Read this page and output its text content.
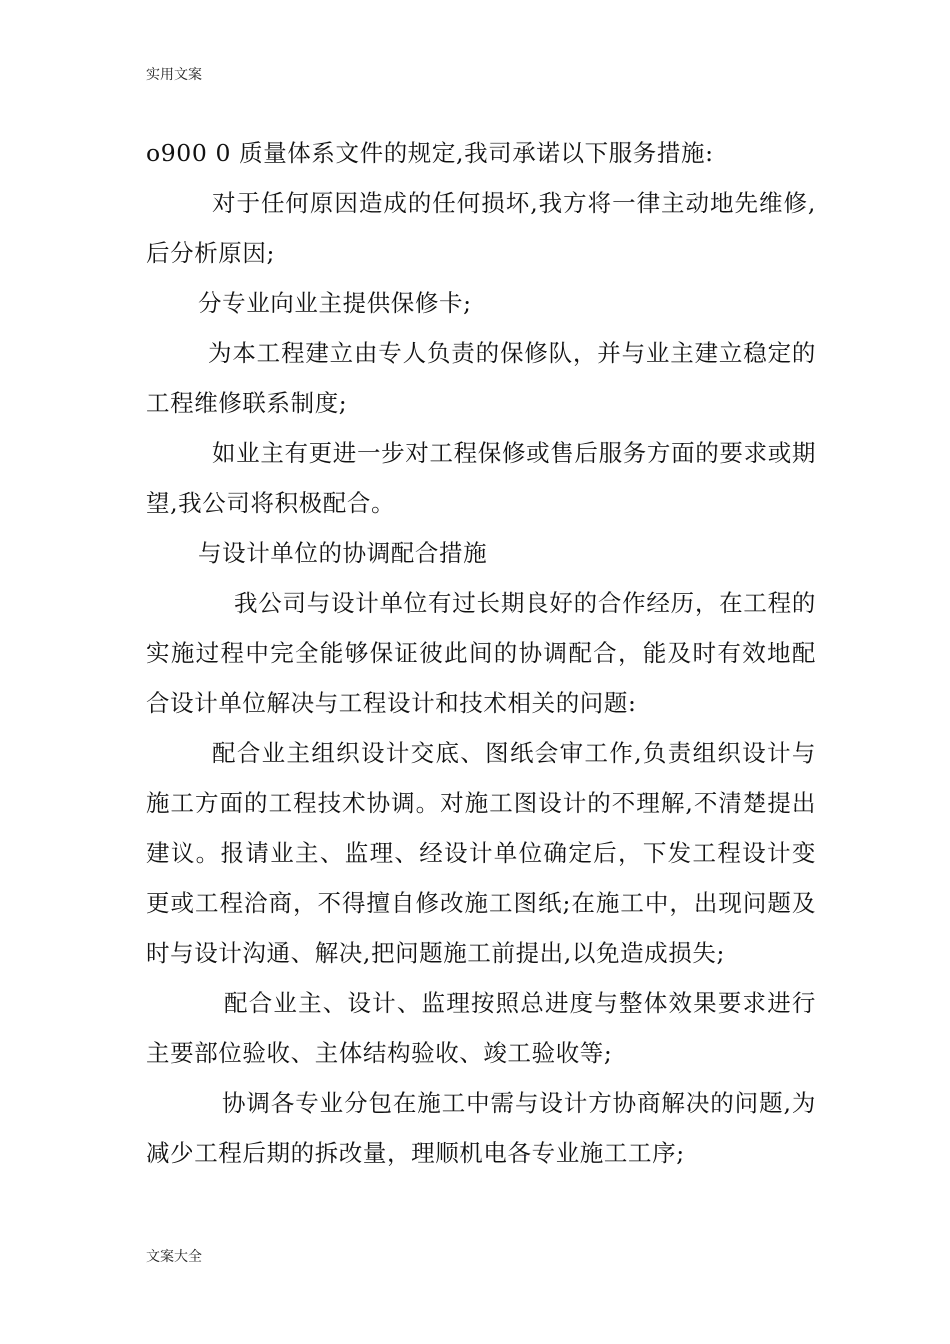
实用文案

o900 0 质量体系文件的规定,我司承诺以下服务措施:

对于任何原因造成的任何损坏,我方将一律主动地先维修,后分析原因;

分专业向业主提供保修卡;

为本工程建立由专人负责的保修队，并与业主建立稳定的工程维修联系制度;

如业主有更进一步对工程保修或售后服务方面的要求或期望,我公司将积极配合。

与设计单位的协调配合措施

我公司与设计单位有过长期良好的合作经历，在工程的实施过程中完全能够保证彼此间的协调配合，能及时有效地配合设计单位解决与工程设计和技术相关的问题:

配合业主组织设计交底、图纸会审工作,负责组织设计与施工方面的工程技术协调。对施工图设计的不理解,不清楚提出建议。报请业主、监理、经设计单位确定后，下发工程设计变更或工程洽商，不得擅自修改施工图纸;在施工中，出现问题及时与设计沟通、解决,把问题施工前提出,以免造成损失;

配合业主、设计、监理按照总进度与整体效果要求进行主要部位验收、主体结构验收、竣工验收等;

协调各专业分包在施工中需与设计方协商解决的问题,为减少工程后期的拆改量，理顺机电各专业施工工序;

文案大全
